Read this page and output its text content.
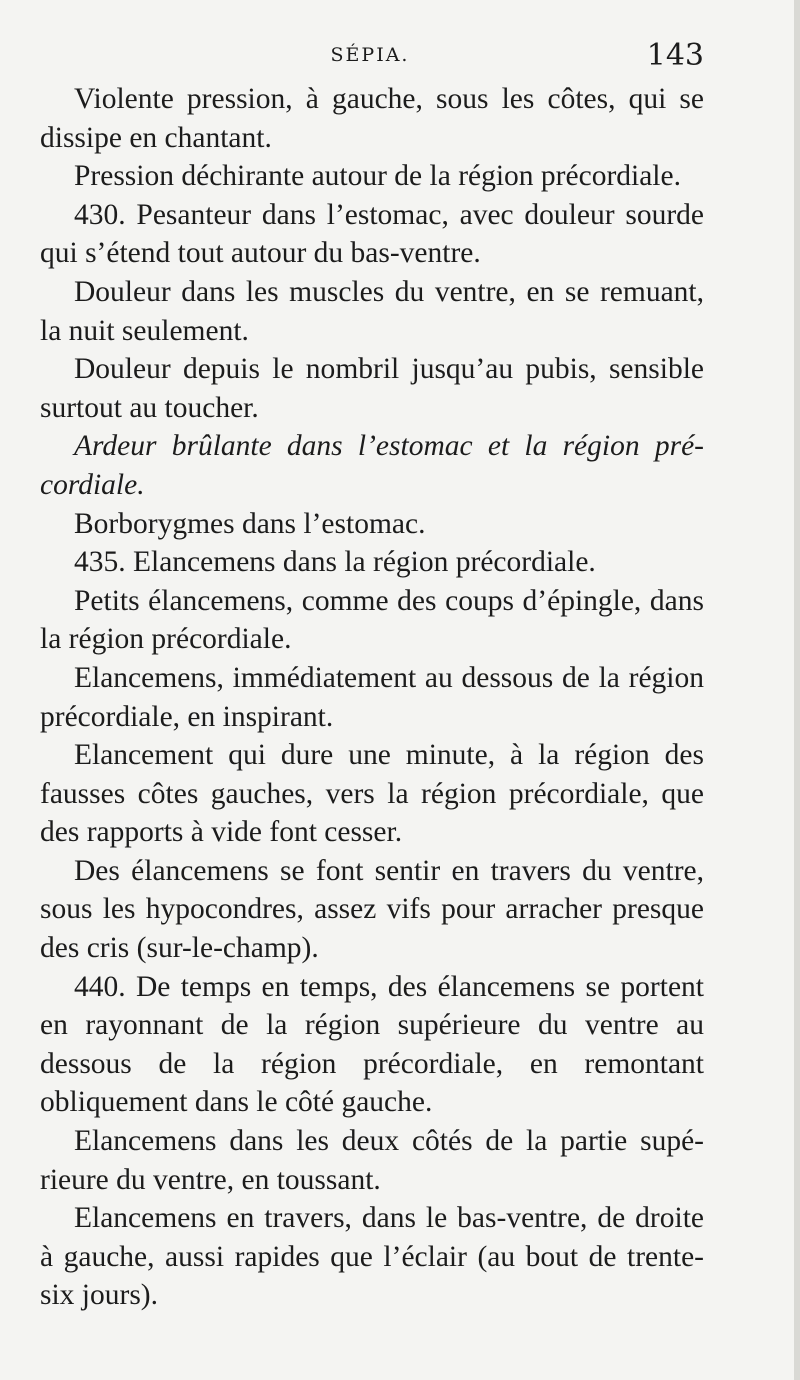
SÉPIA.	143

Violente pression, à gauche, sous les côtes, qui se dissipe en chantant.

Pression déchirante autour de la région précordiale.

430. Pesanteur dans l’estomac, avec douleur sourde qui s’étend tout autour du bas-ventre.

Douleur dans les muscles du ventre, en se remuant, la nuit seulement.

Douleur depuis le nombril jusqu’au pubis, sensible surtout au toucher.

Ardeur brûlante dans l’estomac et la région précordiale.

Borborygmes dans l’estomac.

435. Elancemens dans la région précordiale.

Petits élancemens, comme des coups d’épingle, dans la région précordiale.

Elancemens, immédiatement au dessous de la région précordiale, en inspirant.

Elancement qui dure une minute, à la région des fausses côtes gauches, vers la région précordiale, que des rapports à vide font cesser.

Des élancemens se font sentir en travers du ventre, sous les hypocondres, assez vifs pour arracher presque des cris (sur-le-champ).

440. De temps en temps, des élancemens se portent en rayonnant de la région supérieure du ventre au dessous de la région précordiale, en remontant obliquement dans le côté gauche.

Elancemens dans les deux côtés de la partie supérieure du ventre, en toussant.

Elancemens en travers, dans le bas-ventre, de droite à gauche, aussi rapides que l’éclair (au bout de trente-six jours).
